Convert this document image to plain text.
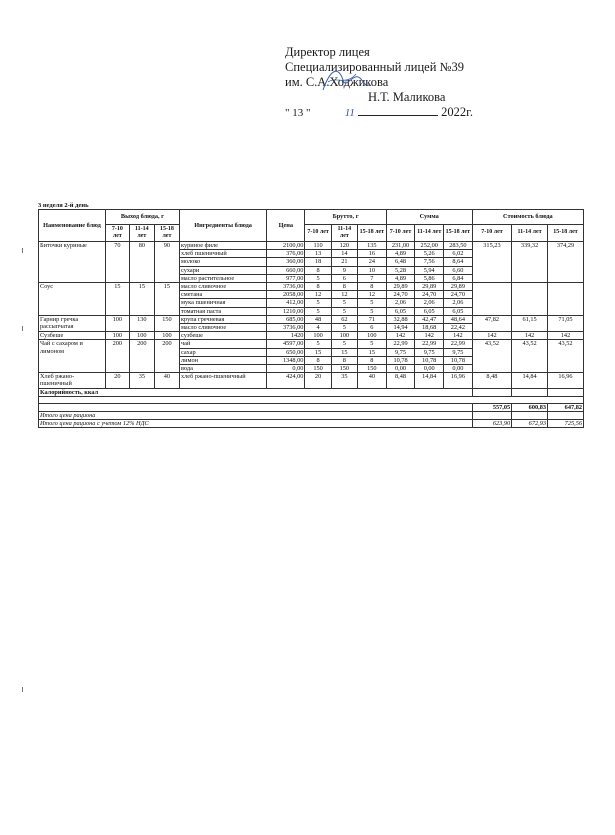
Директор лицея
Специализированный лицей №39
им. С.А.Ходжикова
Н.Т. Маликова
" 13 "	11	2022г.
3 неделя 2-й день
Наименование блюд	Выход блюда, г			Ингредиенты блюда	Цена	Брутто, г			Сумма			Стоимость блюда		
	7-10 лет	11-14 лет	15-18 лет			7-10 лет	11-14 лет	15-18 лет	7-10 лет	11-14 лет	15-18 лет	7-10 лет	11-14 лет	15-18 лет
Биточки куриные	70	80	90	куриное филе	2100,00	110	120	135	231,00	252,00	283,50	315,23	339,32	374,29
				хлеб пшеничный	376,00	13	14	16	4,89	5,26	6,02			
				молоко	360,00	18	21	24	6,48	7,56	8,64			
				сухари	660,00	8	9	10	5,28	5,94	6,60			
				масло растительное	977,00	5	6	7	4,89	5,86	6,84			
Соус	15	15	15	масло сливочное	3736,00	8	8	8	29,89	29,89	29,89			
				сметана	2058,00	12	12	12	24,70	24,70	24,70			
				мука пшеничная	412,00	5	5	5	2,06	2,06	2,06			
				томатная паста	1210,00	5	5	5	6,05	6,05	6,05			
Гарнир гречка рассыпчатая	100	130	150	крупа гречневая	685,00	48	62	71	32,88	42,47	48,64	47,82	61,15	71,05
				масло сливочное	3736,00	4	5	6	14,94	18,68	22,42			
Сузбеше	100	100	100	сузбеше	1420	100	100	100	142	142	142	142	142	142
Чай с сахаром и лимоном	200	200	200	чай	4597,00	5	5	5	22,99	22,99	22,99	43,52	43,52	43,52
				сахар	650,00	15	15	15	9,75	9,75	9,75			
				лимон	1348,00	8	8	8	10,78	10,78	10,78			
				вода	0,00	150	150	150	0,00	0,00	0,00			
Хлеб ржано-пшеничный	20	35	40	хлеб ржано-пшеничный	424,00	20	35	40	8,48	14,84	16,96	8,48	14,84	16,96
Калорийность, ккал														

												557,05	600,83	647,82
Итого цена рациона														
Итого цена рациона с учетом 12% НДС												623,90	672,93	725,56
